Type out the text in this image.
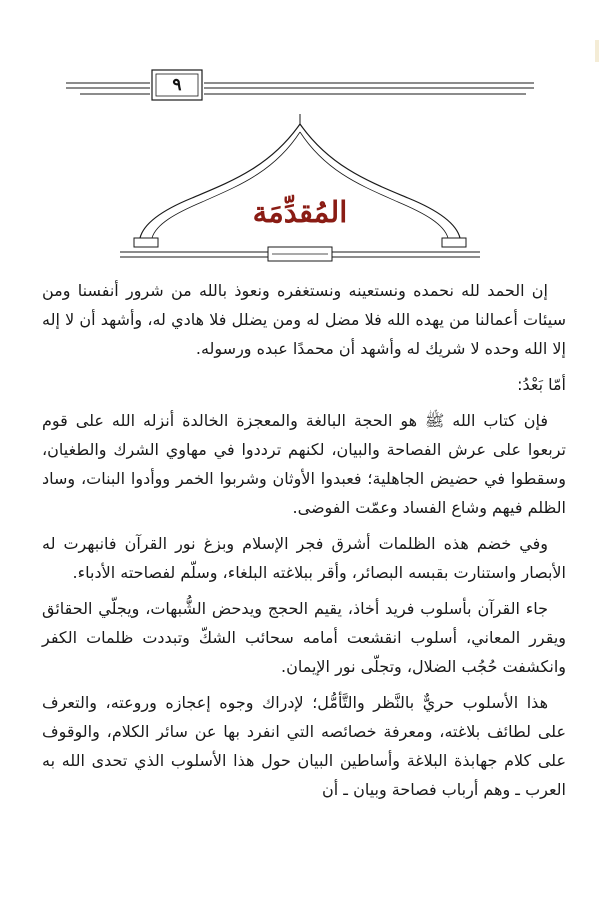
٩
المُقدِّمَة

إن الحمد لله نحمده ونستعينه ونستغفره ونعوذ بالله من شرور أنفسنا ومن سيئات أعمالنا من يهده الله فلا مضل له ومن يضلل فلا هادي له، وأشهد أن لا إله إلا الله وحده لا شريك له وأشهد أن محمدًا عبده ورسوله.

أمّا بَعْدُ:

فإن كتاب الله ﷺ هو الحجة البالغة والمعجزة الخالدة أنزله الله على قوم تربعوا على عرش الفصاحة والبيان، لكنهم ترددوا في مهاوي الشرك والطغيان، وسقطوا في حضيض الجاهلية؛ فعبدوا الأوثان وشربوا الخمر ووأدوا البنات، وساد الظلم فيهم وشاع الفساد وعمّت الفوضى.

وفي خضم هذه الظلمات أشرق فجر الإسلام وبزغ نور القرآن فانبهرت له الأبصار واستنارت بقبسه البصائر، وأقر ببلاغته البلغاء، وسلّم لفصاحته الأدباء.

جاء القرآن بأسلوب فريد أخاذ، يقيم الحجج ويدحض الشُّبهات، ويجلّي الحقائق ويقرر المعاني، أسلوب انقشعت أمامه سحائب الشكّ وتبددت ظلمات الكفر وانكشفت حُجُب الضلال، وتجلّى نور الإيمان.

هذا الأسلوب حريٌّ بالنَّظر والتَّأمُّل؛ لإدراك وجوه إعجازه وروعته، والتعرف على لطائف بلاغته، ومعرفة خصائصه التي انفرد بها عن سائر الكلام، والوقوف على كلام جهابذة البلاغة وأساطين البيان حول هذا الأسلوب الذي تحدى الله به العرب ـ وهم أرباب فصاحة وبيان ـ أن
